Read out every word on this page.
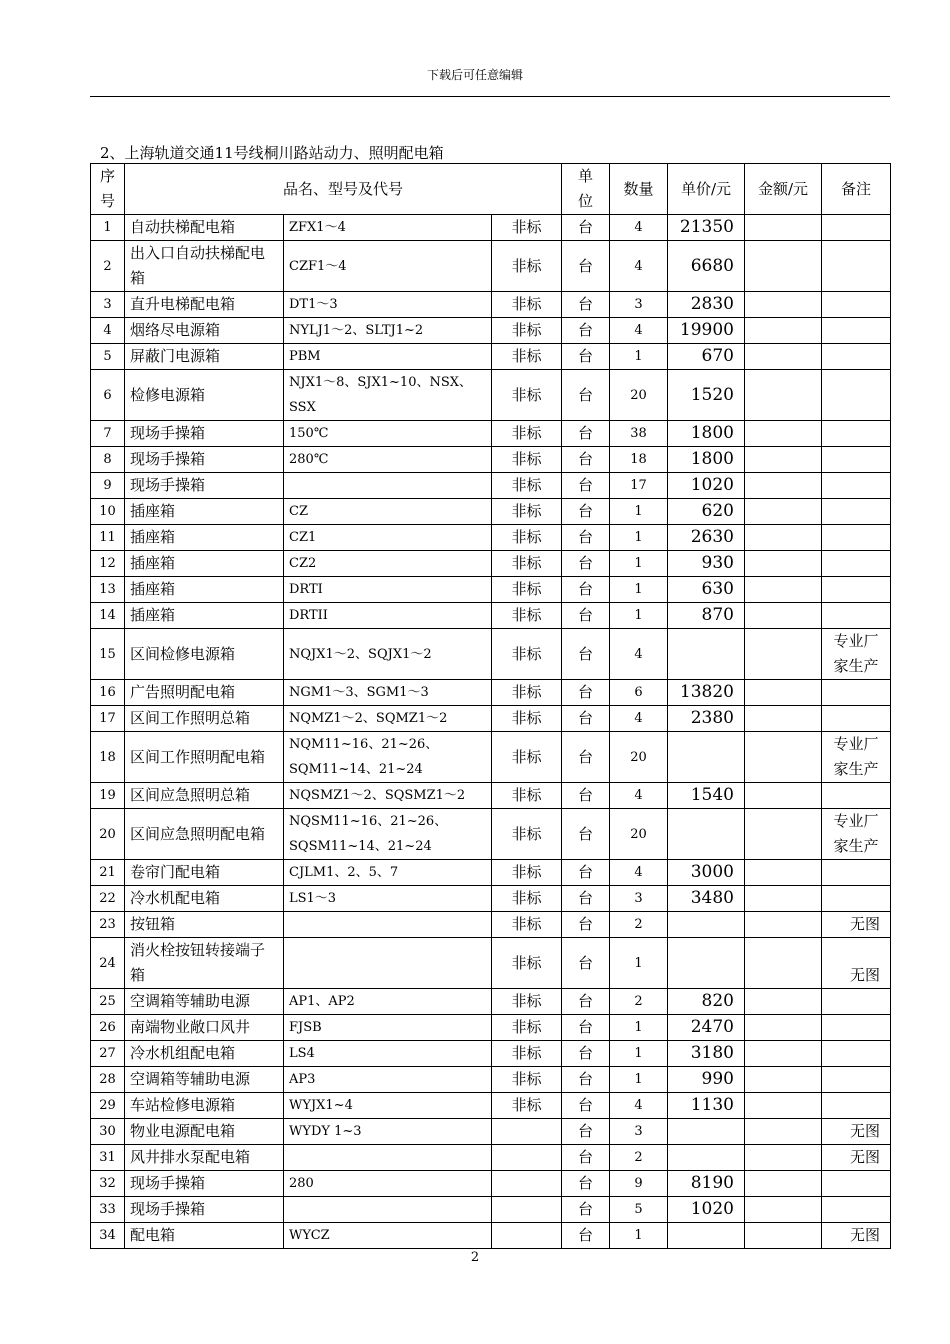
下载后可任意编辑
2、上海轨道交通11号线桐川路站动力、照明配电箱
序号	品名、型号及代号			单位	数量	单价/元	金额/元	备注
1	自动扶梯配电箱	ZFX1～4	非标	台	4	21350		
2	出入口自动扶梯配电箱	CZF1～4	非标	台	4	6680		
3	直升电梯配电箱	DT1～3	非标	台	3	2830		
4	烟络尽电源箱	NYLJ1～2、SLTJ1~2	非标	台	4	19900		
5	屏蔽门电源箱	PBM	非标	台	1	670		
6	检修电源箱	NJX1～8、SJX1~10、NSX、SSX	非标	台	20	1520		
7	现场手操箱	150℃	非标	台	38	1800		
8	现场手操箱	280℃	非标	台	18	1800		
9	现场手操箱		非标	台	17	1020		
10	插座箱	CZ	非标	台	1	620		
11	插座箱	CZ1	非标	台	1	2630		
12	插座箱	CZ2	非标	台	1	930		
13	插座箱	DRTI	非标	台	1	630		
14	插座箱	DRTII	非标	台	1	870		
15	区间检修电源箱	NQJX1～2、SQJX1～2	非标	台	4			专业厂家生产
16	广告照明配电箱	NGM1～3、SGM1～3	非标	台	6	13820		
17	区间工作照明总箱	NQMZ1～2、SQMZ1～2	非标	台	4	2380		
18	区间工作照明配电箱	NQM11~16、21~26、SQM11~14、21~24	非标	台	20			专业厂家生产
19	区间应急照明总箱	NQSMZ1～2、SQSMZ1～2	非标	台	4	1540		
20	区间应急照明配电箱	NQSM11~16、21~26、SQSM11~14、21~24	非标	台	20			专业厂家生产
21	卷帘门配电箱	CJLM1、2、5、7	非标	台	4	3000		
22	冷水机配电箱	LS1～3	非标	台	3	3480		
23	按钮箱		非标	台	2			无图
24	消火栓按钮转接端子箱		非标	台	1			无图
25	空调箱等辅助电源	AP1、AP2	非标	台	2	820		
26	南端物业敞口风井	FJSB	非标	台	1	2470		
27	冷水机组配电箱	LS4	非标	台	1	3180		
28	空调箱等辅助电源	AP3	非标	台	1	990		
29	车站检修电源箱	WYJX1~4	非标	台	4	1130		
30	物业电源配电箱	WYDY 1~3		台	3			无图
31	风井排水泵配电箱			台	2			无图
32	现场手操箱	280		台	9	8190		
33	现场手操箱			台	5	1020		
34	配电箱	WYCZ		台	1			无图
2
